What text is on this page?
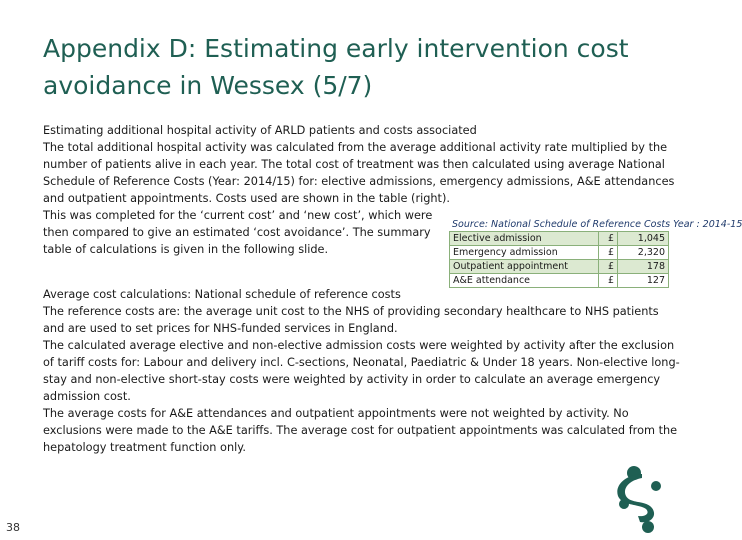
Appendix D: Estimating early intervention cost avoidance in Wessex (5/7)

Estimating additional hospital activity of ARLD patients and costs associated

The total additional hospital activity was calculated from the average additional activity rate multiplied by the number of patients alive in each year. The total cost of treatment was then calculated using average National Schedule of Reference Costs (Year: 2014/15) for: elective admissions, emergency admissions, A&E attendances and outpatient appointments. Costs used are shown in the table (right).

This was completed for the ‘current cost’ and ‘new cost’, which were then compared to give an estimated ‘cost avoidance’. The summary table of calculations is given in the following slide.

Source: National Schedule of Reference Costs Year : 2014-15
Elective admission	£	1,045
Emergency admission	£	2,320
Outpatient appointment	£	178
A&E attendance	£	127

Average cost calculations: National schedule of reference costs

The reference costs are: the average unit cost to the NHS of providing secondary healthcare to NHS patients and are used to set prices for NHS-funded services in England.

The calculated average elective and non-elective admission costs were weighted by activity after the exclusion of tariff costs for: Labour and delivery incl. C-sections, Neonatal, Paediatric & Under 18 years. Non-elective long-stay and non-elective short-stay costs were weighted by activity in order to calculate an average emergency admission cost.

The average costs for A&E attendances and outpatient appointments were not weighted by activity. No exclusions were made to the A&E tariffs. The average cost for outpatient appointments was calculated from the hepatology treatment function only.

38
